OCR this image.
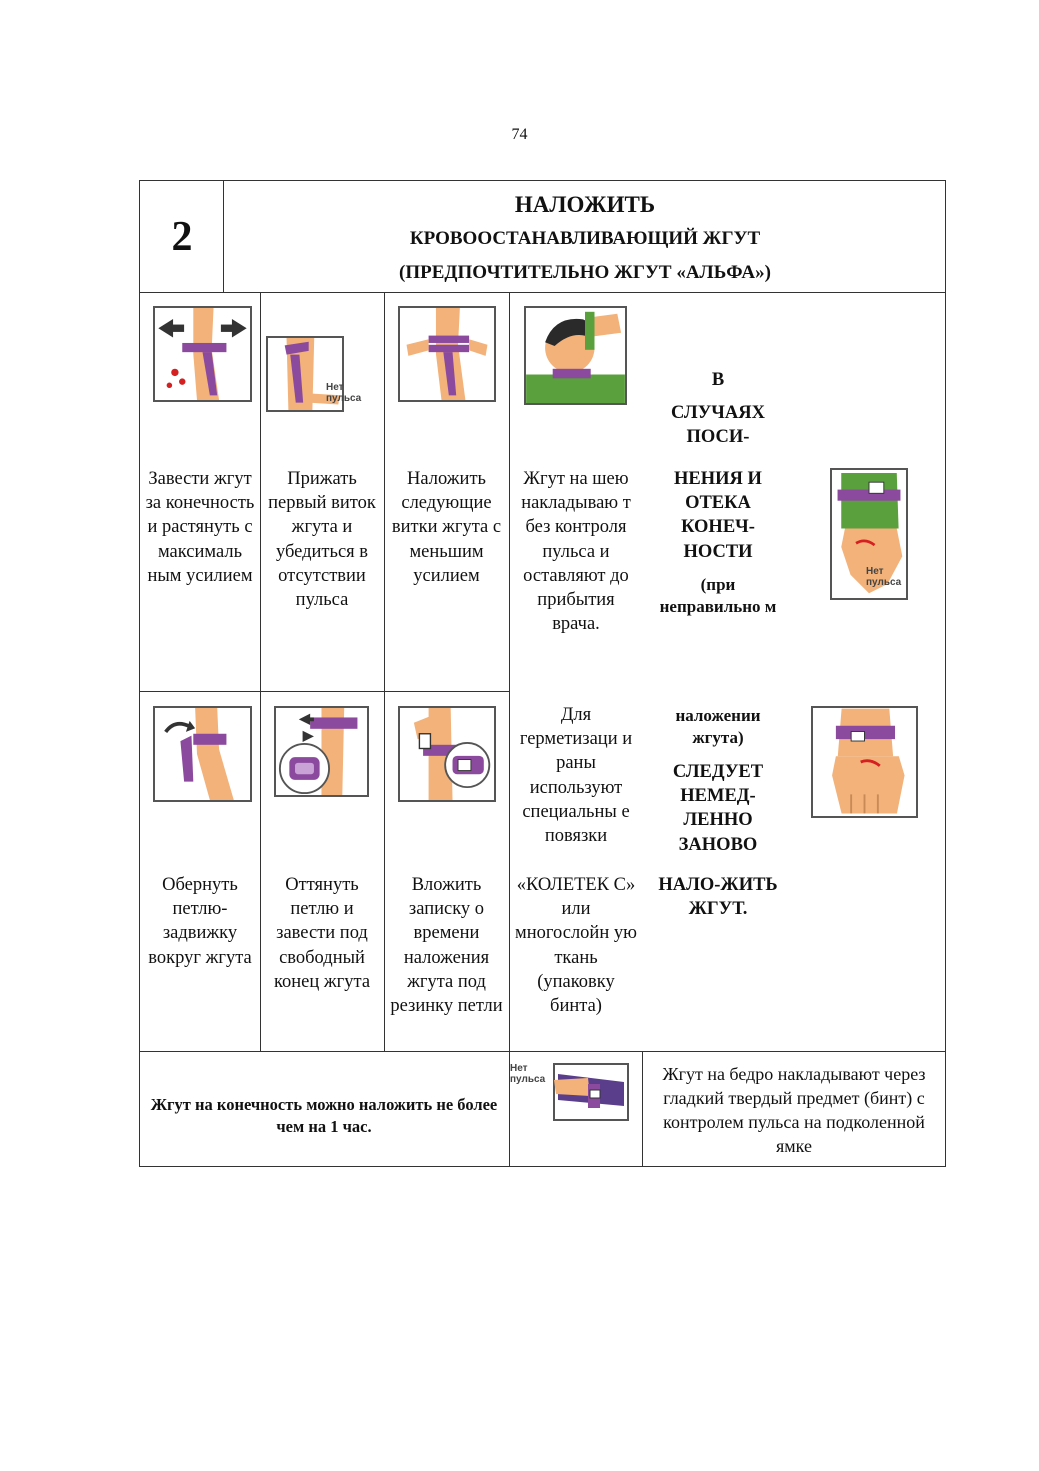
74
2
НАЛОЖИТЬ
КРОВООСТАНАВЛИВАЮЩИЙ ЖГУТ
(ПРЕДПОЧТИТЕЛЬНО ЖГУТ «АЛЬФА»)
Нет пульса
Завести жгут за конечность и растянуть с максималь ным усилием
Прижать первый виток жгута и убедиться в отсутствии пульса
Наложить следующие витки жгута с меньшим усилием
Жгут на шею накладываю т без контроля пульса и оставляют до прибытия врача.
Обернуть петлю-задвижку вокруг жгута
Оттянуть петлю и завести под свободный конец жгута
Вложить записку о времени наложения жгута под резинку петли
Для герметизаци и раны используют специальны е повязки
«КОЛЕТЕК С» или многослойн ую ткань (упаковку бинта)
В
СЛУЧАЯХ ПОСИ-
НЕНИЯ И ОТЕКА КОНЕЧ-НОСТИ
(при неправильно м
наложении жгута)
СЛЕДУЕТ НЕМЕД-ЛЕННО ЗАНОВО
НАЛО-ЖИТЬ ЖГУТ.
Нет пульса
Жгут на конечность можно наложить не более чем на 1 час.
Нет пульса	Жгут на бедро накладывают через гладкий твердый предмет (бинт) с контролем пульса на подколенной ямке
